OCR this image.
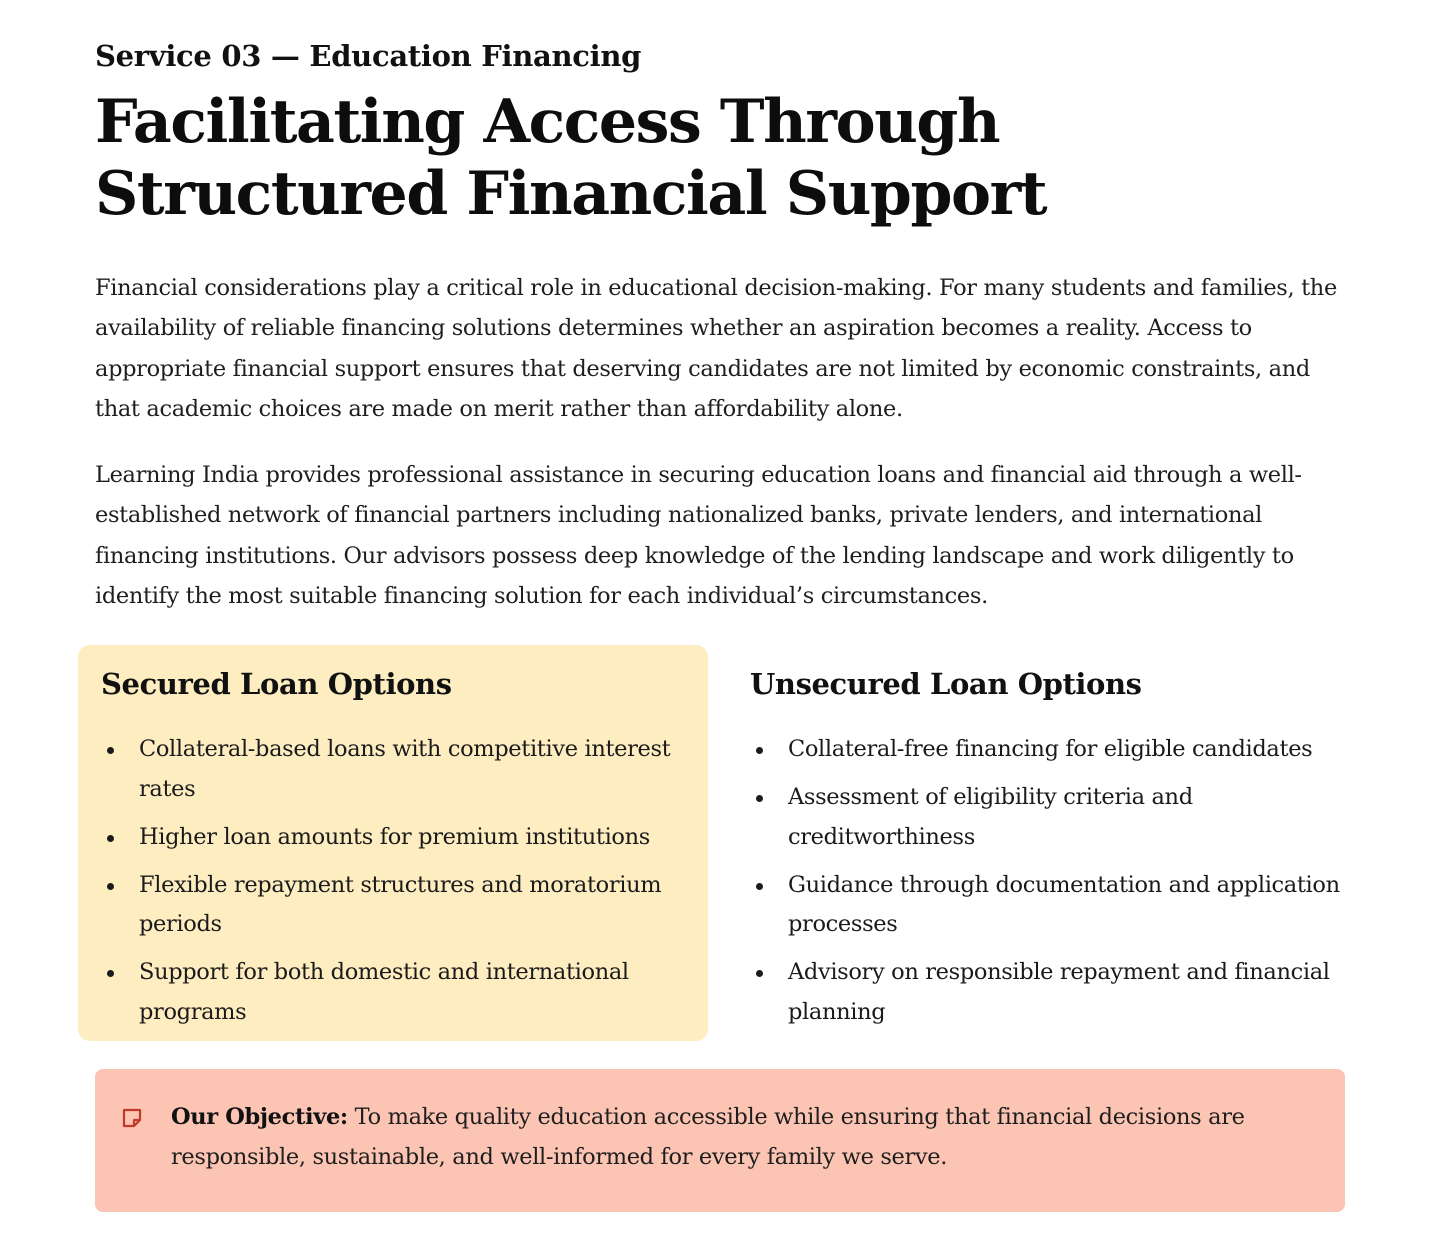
Service 03 — Education Financing
Facilitating Access Through Structured Financial Support

Financial considerations play a critical role in educational decision-making. For many students and families, the availability of reliable financing solutions determines whether an aspiration becomes a reality. Access to appropriate financial support ensures that deserving candidates are not limited by economic constraints, and that academic choices are made on merit rather than affordability alone.

Learning India provides professional assistance in securing education loans and financial aid through a well-established network of financial partners including nationalized banks, private lenders, and international financing institutions. Our advisors possess deep knowledge of the lending landscape and work diligently to identify the most suitable financing solution for each individual’s circumstances.

Secured Loan Options
Collateral-based loans with competitive interest rates
Higher loan amounts for premium institutions
Flexible repayment structures and moratorium periods
Support for both domestic and international programs
Unsecured Loan Options
Collateral-free financing for eligible candidates
Assessment of eligibility criteria and creditworthiness
Guidance through documentation and application processes
Advisory on responsible repayment and financial planning

Our Objective: To make quality education accessible while ensuring that financial decisions are responsible, sustainable, and well-informed for every family we serve.
